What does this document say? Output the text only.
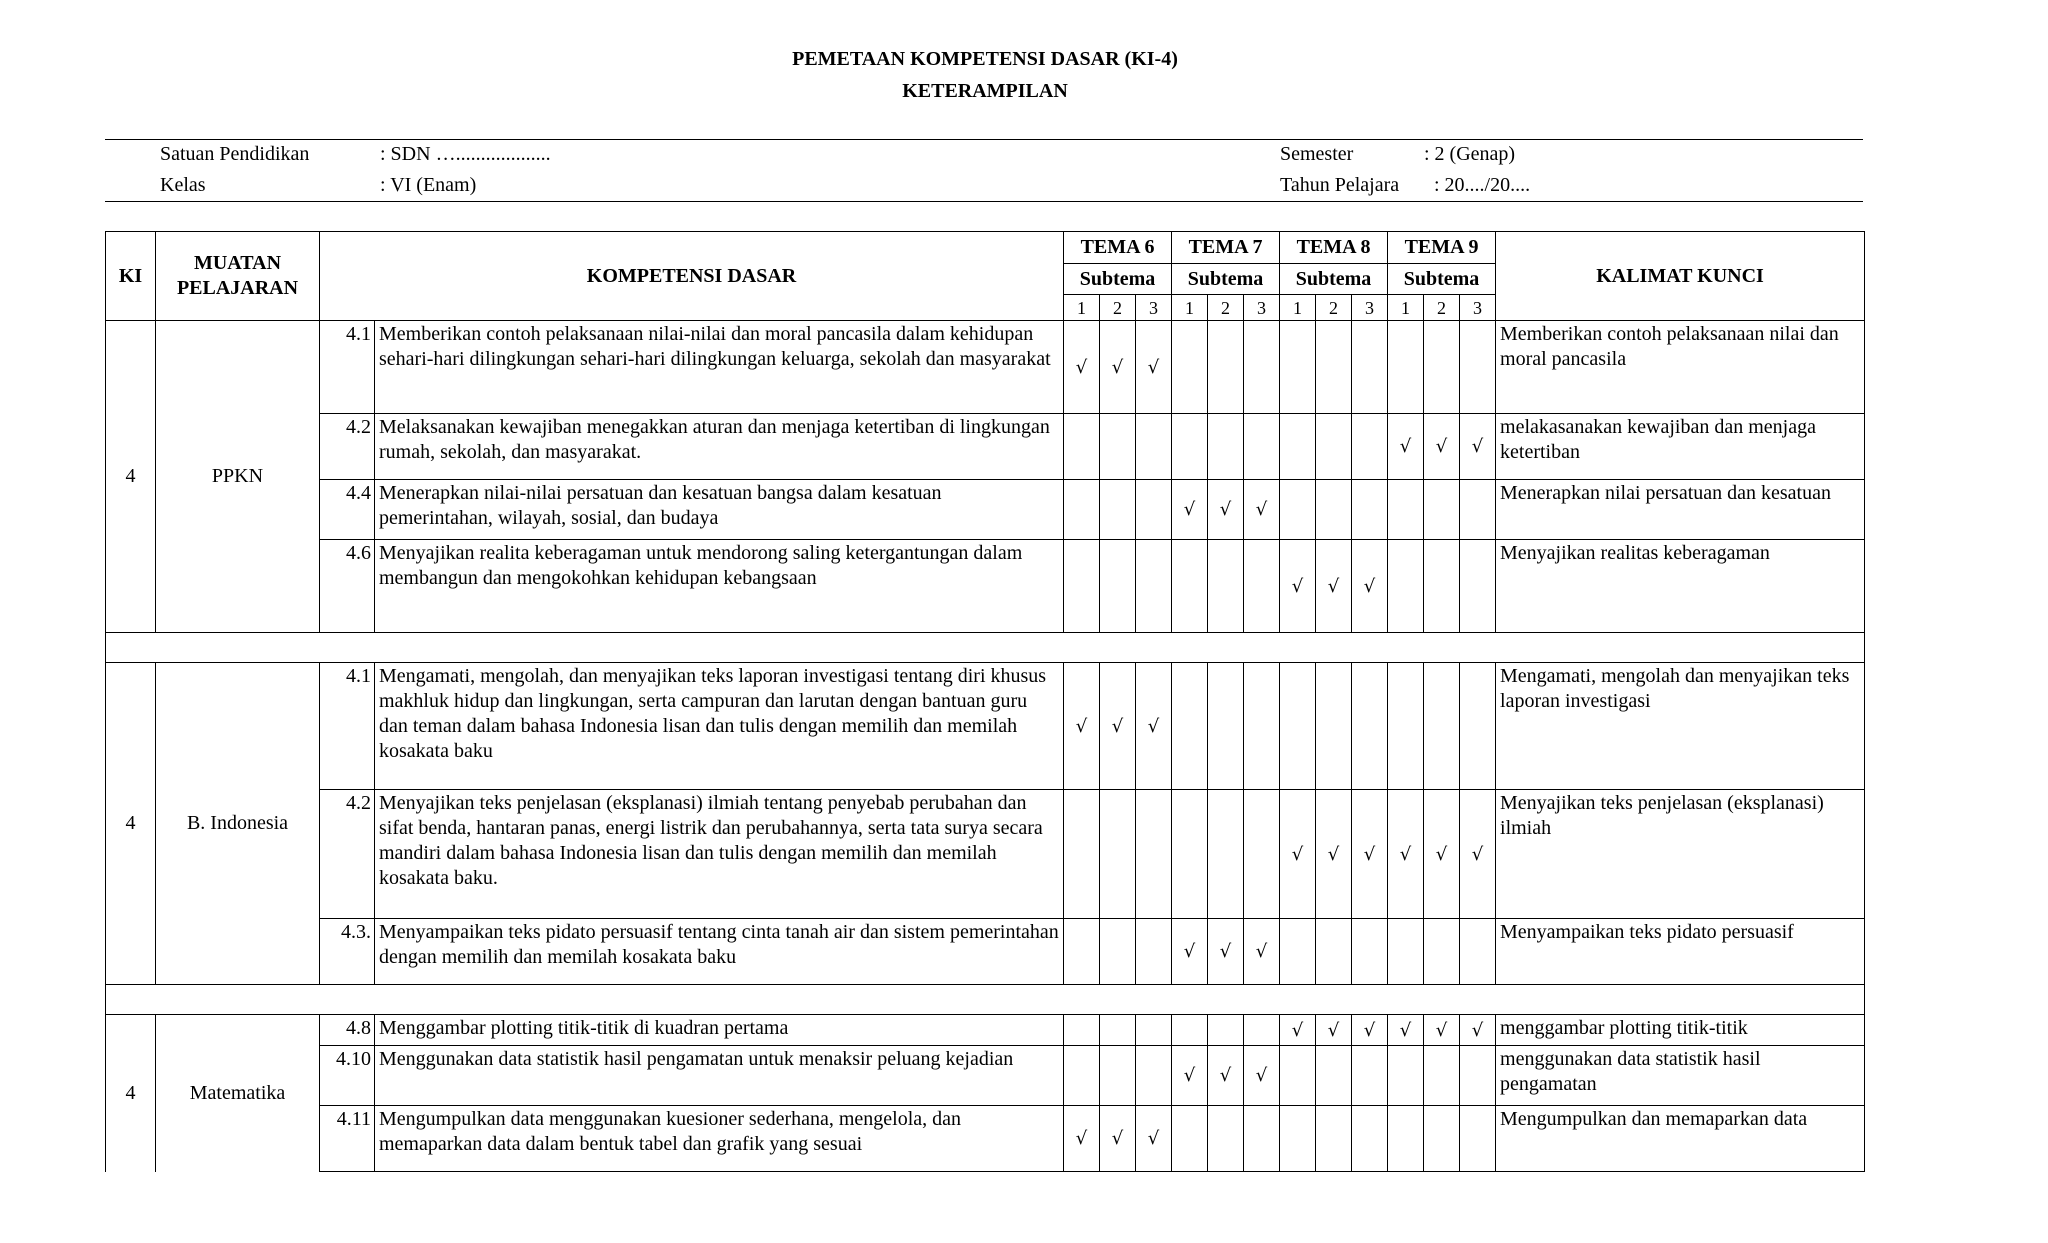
PEMETAAN KOMPETENSI DASAR (KI-4)
KETERAMPILAN
Satuan Pendidikan	: SDN …...................	Semester	: 2 (Genap)
Kelas	: VI (Enam)	Tahun Pelajara : 20..../20....
KI	MUATAN PELAJARAN	KOMPETENSI DASAR		TEMA 6			TEMA 7			TEMA 8			TEMA 9			KALIMAT KUNCI
				Subtema			Subtema			Subtema			Subtema			
				1	2	3	1	2	3	1	2	3	1	2	3	
4	PPKN	4.1	Memberikan contoh pelaksanaan nilai-nilai dan moral pancasila dalam kehidupan sehari-hari dilingkungan sehari-hari dilingkungan keluarga, sekolah dan masyarakat	√	√	√										Memberikan contoh pelaksanaan nilai dan moral pancasila
		4.2	Melaksanakan kewajiban menegakkan aturan dan menjaga ketertiban di lingkungan rumah, sekolah, dan masyarakat.										√	√	√	melakasanakan kewajiban dan menjaga ketertiban
		4.4	Menerapkan nilai-nilai persatuan dan kesatuan bangsa dalam kesatuan pemerintahan, wilayah, sosial, dan budaya				√	√	√							Menerapkan nilai persatuan dan kesatuan
		4.6	Menyajikan realita keberagaman untuk mendorong saling ketergantungan dalam membangun dan mengokohkan kehidupan kebangsaan							√	√	√				Menyajikan realitas keberagaman

4	B. Indonesia	4.1	Mengamati, mengolah, dan menyajikan teks laporan investigasi tentang diri khusus makhluk hidup dan lingkungan, serta campuran dan larutan dengan bantuan guru dan teman dalam bahasa Indonesia lisan dan tulis dengan memilih dan memilah kosakata baku	√	√	√										Mengamati, mengolah dan menyajikan teks laporan investigasi
		4.2	Menyajikan teks penjelasan (eksplanasi) ilmiah tentang penyebab perubahan dan sifat benda, hantaran panas, energi listrik dan perubahannya, serta tata surya secara mandiri dalam bahasa Indonesia lisan dan tulis dengan memilih dan memilah kosakata baku.							√	√	√	√	√	√	Menyajikan teks penjelasan (eksplanasi) ilmiah
		4.3.	Menyampaikan teks pidato persuasif tentang cinta tanah air dan sistem pemerintahan dengan memilih dan memilah kosakata baku				√	√	√							Menyampaikan teks pidato persuasif

4	Matematika	4.8	Menggambar plotting titik-titik di kuadran pertama							√	√	√	√	√	√	menggambar plotting titik-titik
		4.10	Menggunakan data statistik hasil pengamatan untuk menaksir peluang kejadian				√	√	√							menggunakan data statistik hasil pengamatan
		4.11	Mengumpulkan data menggunakan kuesioner sederhana, mengelola, dan memaparkan data dalam bentuk tabel dan grafik yang sesuai	√	√	√										Mengumpulkan dan memaparkan data
